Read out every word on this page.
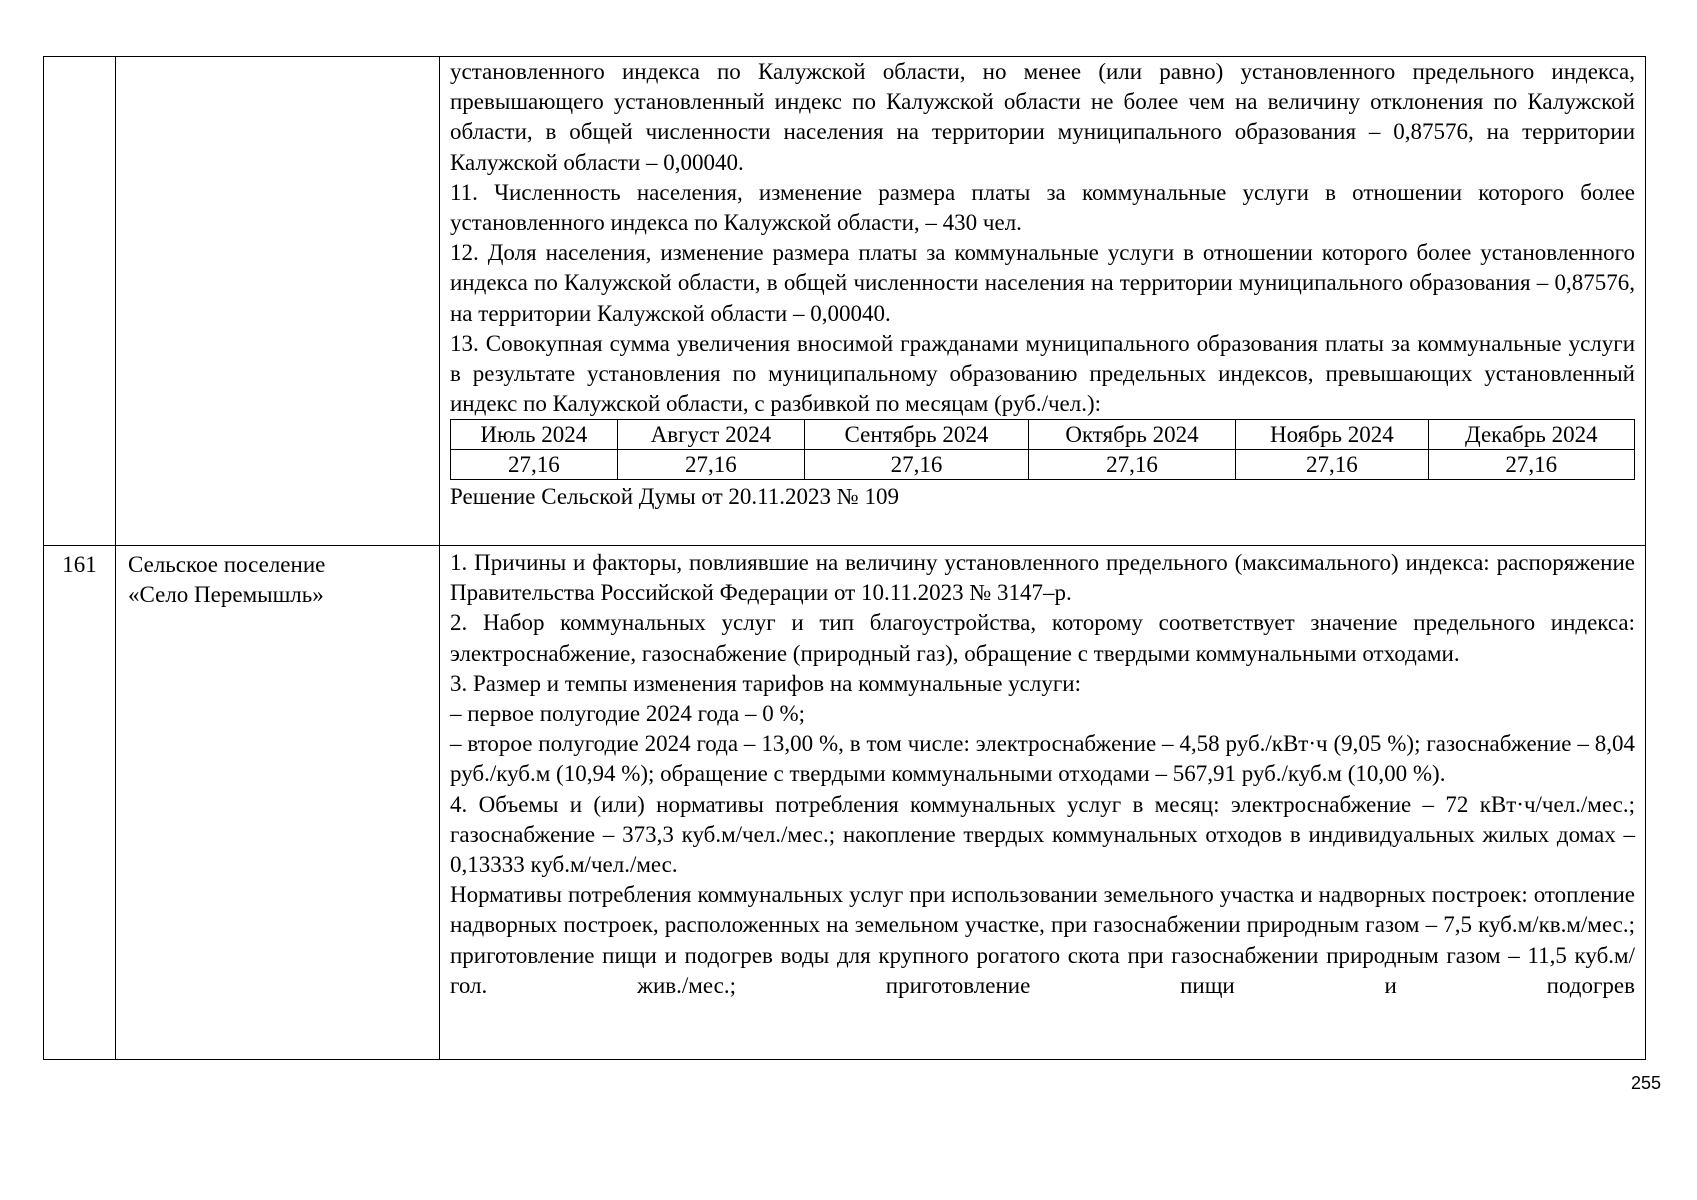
установленного индекса по Калужской области, но менее (или равно) установленного предельного индекса, превышающего установленный индекс по Калужской области не более чем на величину отклонения по Калужской области, в общей численности населения на территории муниципального образования – 0,87576, на территории Калужской области – 0,00040.

11. Численность населения, изменение размера платы за коммунальные услуги в отношении которого более установленного индекса по Калужской области, – 430 чел.

12. Доля населения, изменение размера платы за коммунальные услуги в отношении которого более установленного индекса по Калужской области, в общей численности населения на территории муниципального образования – 0,87576, на территории Калужской области – 0,00040.

13. Совокупная сумма увеличения вносимой гражданами муниципального образования платы за коммунальные услуги в результате установления по муниципальному образованию предельных индексов, превышающих установленный индекс по Калужской области, с разбивкой по месяцам (руб./чел.):

Июль 2024	Август 2024	Сентябрь 2024	Октябрь 2024	Ноябрь 2024	Декабрь 2024
27,16	27,16	27,16	27,16	27,16	27,16

Решение Сельской Думы от 20.11.2023 № 109

161	Сельское поселение
«Село Перемышль»

1. Причины и факторы, повлиявшие на величину установленного предельного (максимального) индекса: распоряжение Правительства Российской Федерации от 10.11.2023 № 3147–р.

2. Набор коммунальных услуг и тип благоустройства, которому соответствует значение предельного индекса: электроснабжение, газоснабжение (природный газ), обращение с твердыми коммунальными отходами.

3. Размер и темпы изменения тарифов на коммунальные услуги:

– первое полугодие 2024 года – 0 %;

– второе полугодие 2024 года – 13,00 %, в том числе: электроснабжение – 4,58 руб./кВт·ч (9,05 %); газоснабжение – 8,04 руб./куб.м (10,94 %); обращение с твердыми коммунальными отходами – 567,91 руб./куб.м (10,00 %).

4. Объемы и (или) нормативы потребления коммунальных услуг в месяц: электроснабжение – 72 кВт·ч/чел./мес.; газоснабжение – 373,3 куб.м/чел./мес.; накопление твердых коммунальных отходов в индивидуальных жилых домах – 0,13333 куб.м/чел./мес.

Нормативы потребления коммунальных услуг при использовании земельного участка и надворных построек: отопление надворных построек, расположенных на земельном участке, при газоснабжении природным газом – 7,5 куб.м/кв.м/мес.; приготовление пищи и подогрев воды для крупного рогатого скота при газоснабжении природным газом – 11,5 куб.м/гол. жив./мес.; приготовление пищи и подогрев

255
